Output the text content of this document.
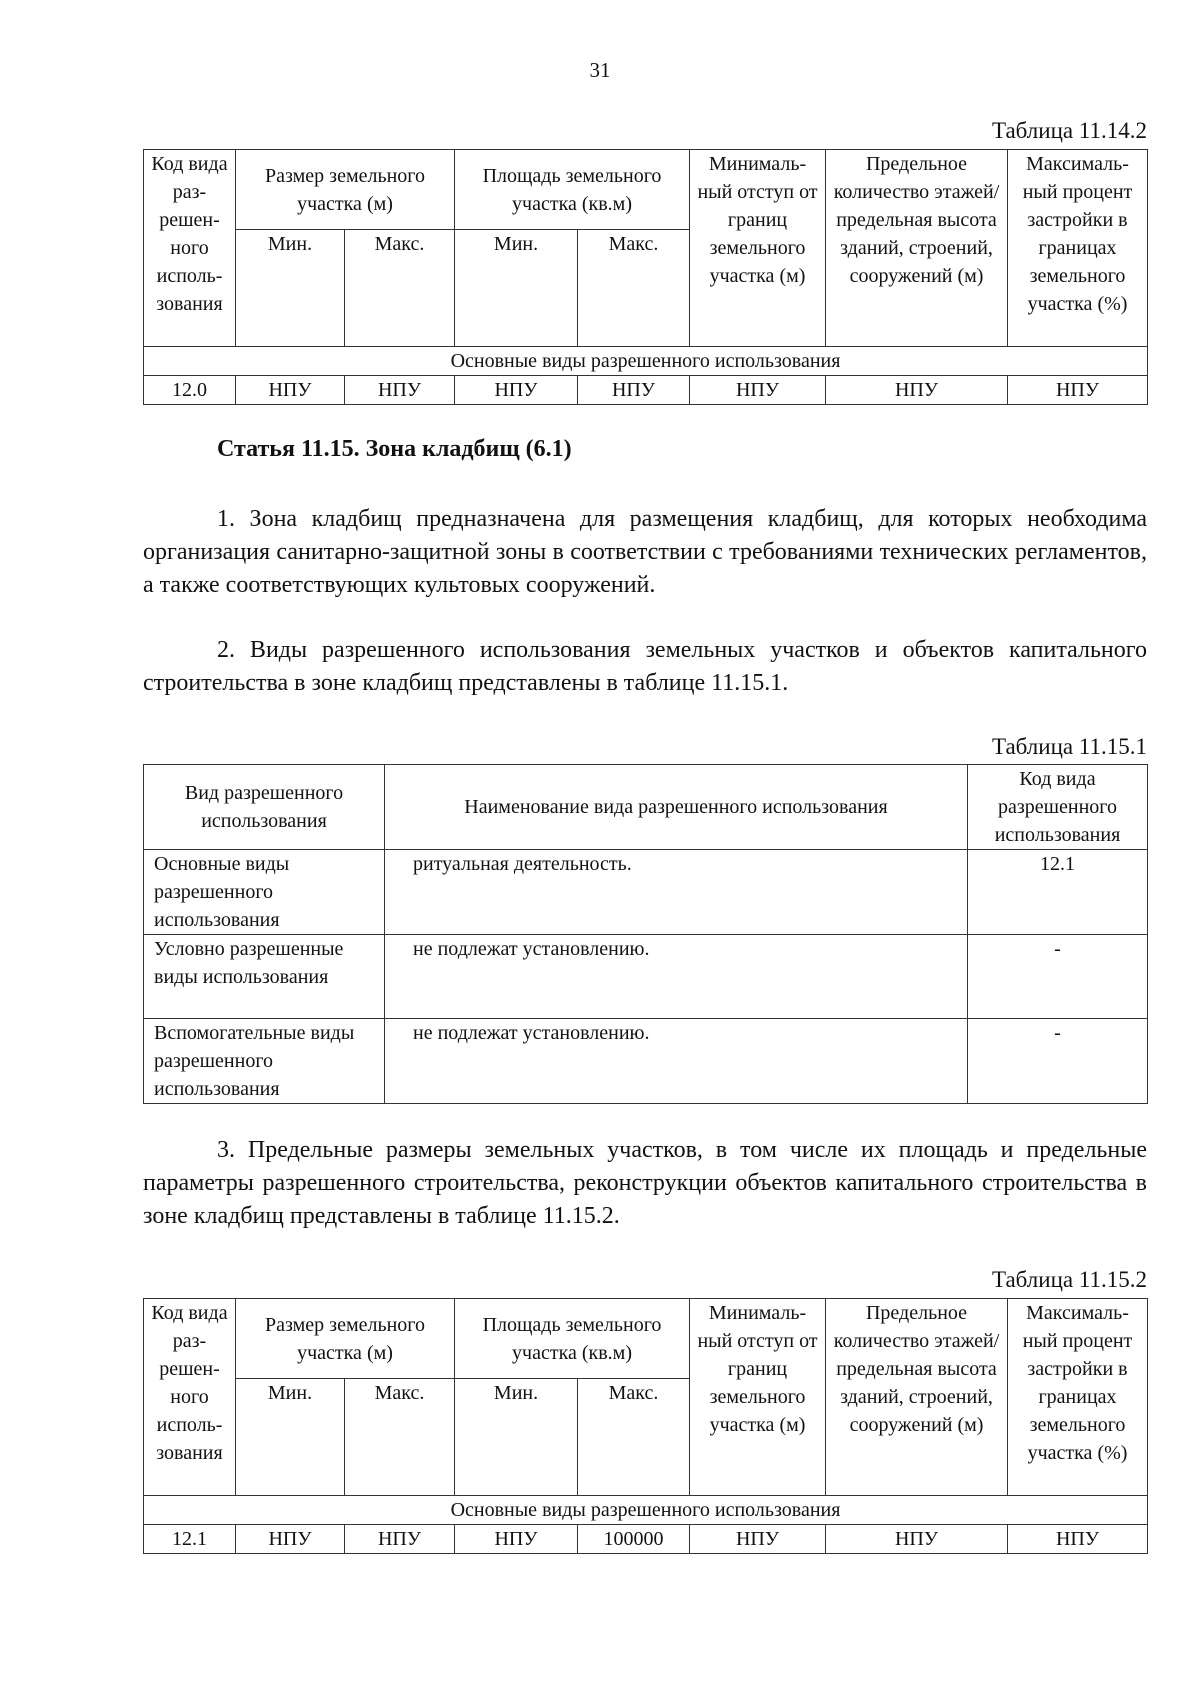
31
Таблица 11.14.2
Код вида раз-решен-ного исполь-зования	Размер земельного участка (м)		Площадь земельного участка (кв.м)		Минималь-ный отступ от границ земельного участка (м)	Предельное количество этажей/ предельная высота зданий, строений, сооружений (м)	Максималь-ный процент застройки в границах земельного участка (%)
	Мин.	Макс.	Мин.	Макс.			
Основные виды разрешенного использования							
12.0	НПУ	НПУ	НПУ	НПУ	НПУ	НПУ	НПУ
Статья 11.15. Зона кладбищ (6.1)

1. Зона кладбищ предназначена для размещения кладбищ, для которых необходима организация санитарно-защитной зоны в соответствии с требованиями технических регламентов, а также соответствующих культовых сооружений.

2. Виды разрешенного использования земельных участков и объектов капитального строительства в зоне кладбищ представлены в таблице 11.15.1.

Таблица 11.15.1
Вид разрешенного использования	Наименование вида разрешенного использования	Код вида разрешенного использования
Основные виды разрешенного использования	ритуальная деятельность.	12.1
Условно разрешенные виды использования	не подлежат установлению.	-
Вспомогательные виды разрешенного использования	не подлежат установлению.	-

3. Предельные размеры земельных участков, в том числе их площадь и предельные параметры разрешенного строительства, реконструкции объектов капитального строительства в зоне кладбищ представлены в таблице 11.15.2.

Таблица 11.15.2
Код вида раз-решен-ного исполь-зования	Размер земельного участка (м)		Площадь земельного участка (кв.м)		Минималь-ный отступ от границ земельного участка (м)	Предельное количество этажей/ предельная высота зданий, строений, сооружений (м)	Максималь-ный процент застройки в границах земельного участка (%)
	Мин.	Макс.	Мин.	Макс.			
Основные виды разрешенного использования							
12.1	НПУ	НПУ	НПУ	100000	НПУ	НПУ	НПУ
